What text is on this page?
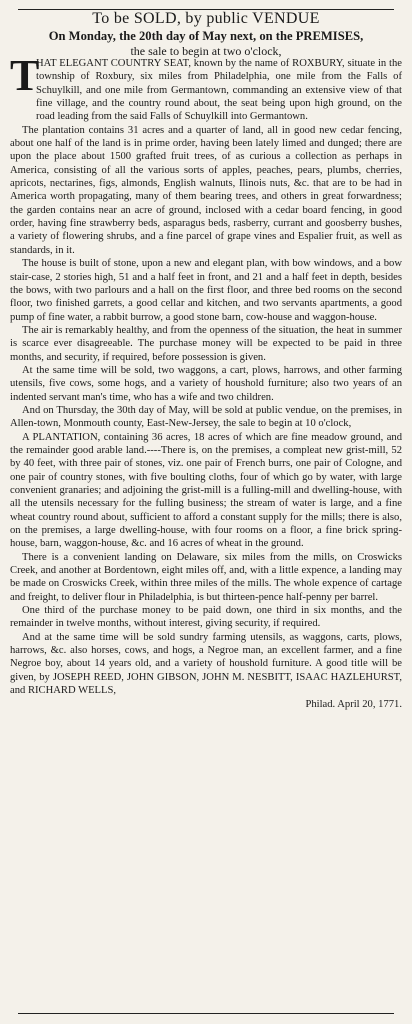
To be SOLD, by public VENDUE
On Monday, the 20th day of May next, on the PREMISES,
the sale to begin at two o'clock,
T

HAT ELEGANT COUNTRY SEAT, known by the name of ROXBURY, situate in the township of Roxbury, six miles from Philadelphia, one mile from the Falls of Schuylkill, and one mile from Germantown, commanding an extensive view of that fine village, and the country round about, the seat being upon high ground, on the road leading from the said Falls of Schuylkill into Germantown.

The plantation contains 31 acres and a quarter of land, all in good new cedar fencing, about one half of the land is in prime order, having been lately limed and dunged; there are upon the place about 1500 grafted fruit trees, of as curious a collection as perhaps in America, consisting of all the various sorts of apples, peaches, pears, plumbs, cherries, apricots, nectarines, figs, almonds, English walnuts, Ilinois nuts, &c. that are to be had in America worth propagating, many of them bearing trees, and others in great forwardness; the garden contains near an acre of ground, inclosed with a cedar board fencing, in good order, having fine strawberry beds, asparagus beds, rasberry, currant and goosberry bushes, a variety of flowering shrubs, and a fine parcel of grape vines and Espalier fruit, as well as standards, in it.

The house is built of stone, upon a new and elegant plan, with bow windows, and a bow stair-case, 2 stories high, 51 and a half feet in front, and 21 and a half feet in depth, besides the bows, with two parlours and a hall on the first floor, and three bed rooms on the second floor, two finished garrets, a good cellar and kitchen, and two servants apartments, a good pump of fine water, a rabbit burrow, a good stone barn, cow-house and waggon-house.

The air is remarkably healthy, and from the openness of the situation, the heat in summer is scarce ever disagreeable. The purchase money will be expected to be paid in three months, and security, if required, before possession is given.

At the same time will be sold, two waggons, a cart, plows, harrows, and other farming utensils, five cows, some hogs, and a variety of houshold furniture; also two years of an indented servant man's time, who has a wife and two children.

And on Thursday, the 30th day of May, will be sold at public vendue, on the premises, in Allen-town, Monmouth county, East-New-Jersey, the sale to begin at 10 o'clock,

A PLANTATION, containing 36 acres, 18 acres of which are fine meadow ground, and the remainder good arable land.----There is, on the premises, a compleat new grist-mill, 52 by 40 feet, with three pair of stones, viz. one pair of French burrs, one pair of Cologne, and one pair of country stones, with five boulting cloths, four of which go by water, with large convenient granaries; and adjoining the grist-mill is a fulling-mill and dwelling-house, with all the utensils necessary for the fulling business; the stream of water is large, and a fine wheat country round about, sufficient to afford a constant supply for the mills; there is also, on the premises, a large dwelling-house, with four rooms on a floor, a fine brick spring-house, barn, waggon-house, &c. and 16 acres of wheat in the ground.

There is a convenient landing on Delaware, six miles from the mills, on Croswicks Creek, and another at Bordentown, eight miles off, and, with a little expence, a landing may be made on Croswicks Creek, within three miles of the mills. The whole expence of cartage and freight, to deliver flour in Philadelphia, is but thirteen-pence half-penny per barrel.

One third of the purchase money to be paid down, one third in six months, and the remainder in twelve months, without interest, giving security, if required.

And at the same time will be sold sundry farming utensils, as waggons, carts, plows, harrows, &c. also horses, cows, and hogs, a Negroe man, an excellent farmer, and a fine Negroe boy, about 14 years old, and a variety of houshold furniture. A good title will be given, by JOSEPH REED, JOHN GIBSON, JOHN M. NESBITT, ISAAC HAZLEHURST, and RICHARD WELLS,

Philad. April 20, 1771.
